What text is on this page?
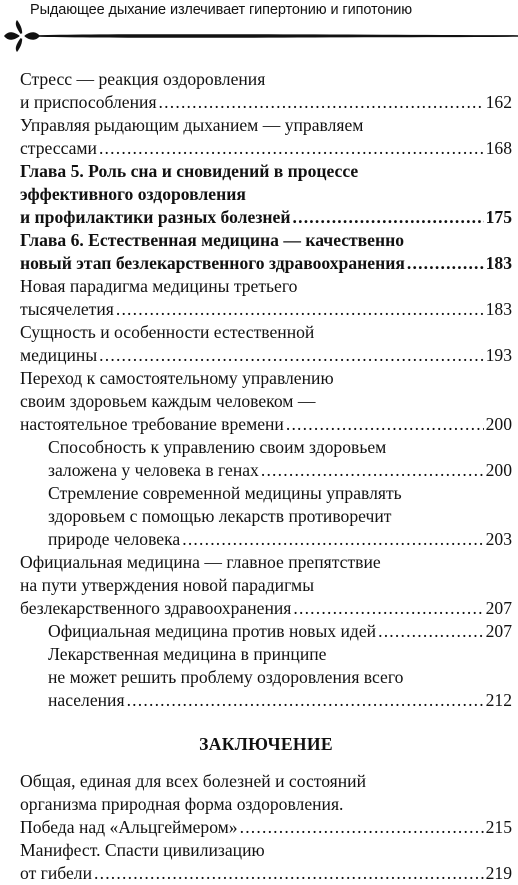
Рыдающее дыхание излечивает гипертонию и гипотонию
Стресс — реакция оздоровления
и приспособления .....	162
Управляя рыдающим дыханием — управляем
стрессами .....	168
Глава 5. Роль сна и сновидений в процессе
эффективного оздоровления
и профилактики разных болезней .....	175
Глава 6. Естественная медицина — качественно
новый этап безлекарственного здравоохранения .....	183
Новая парадигма медицины третьего
тысячелетия .....	183
Сущность и особенности естественной
медицины .....	193
Переход к самостоятельному управлению
своим здоровьем каждым человеком —
настоятельное требование времени .....	200
Способность к управлению своим здоровьем
заложена у человека в генах .....	200
Стремление современной медицины управлять
здоровьем с помощью лекарств противоречит
природе человека .....	203
Официальная медицина — главное препятствие
на пути утверждения новой парадигмы
безлекарственного здравоохранения .....	207
Официальная медицина против новых идей .....	207
Лекарственная медицина в принципе
не может решить проблему оздоровления всего
населения .....	212
ЗАКЛЮЧЕНИЕ
Общая, единая для всех болезней и состояний
организма природная форма оздоровления.
Победа над «Альцгеймером» .....	215
Манифест. Спасти цивилизацию
от гибели .....	219
